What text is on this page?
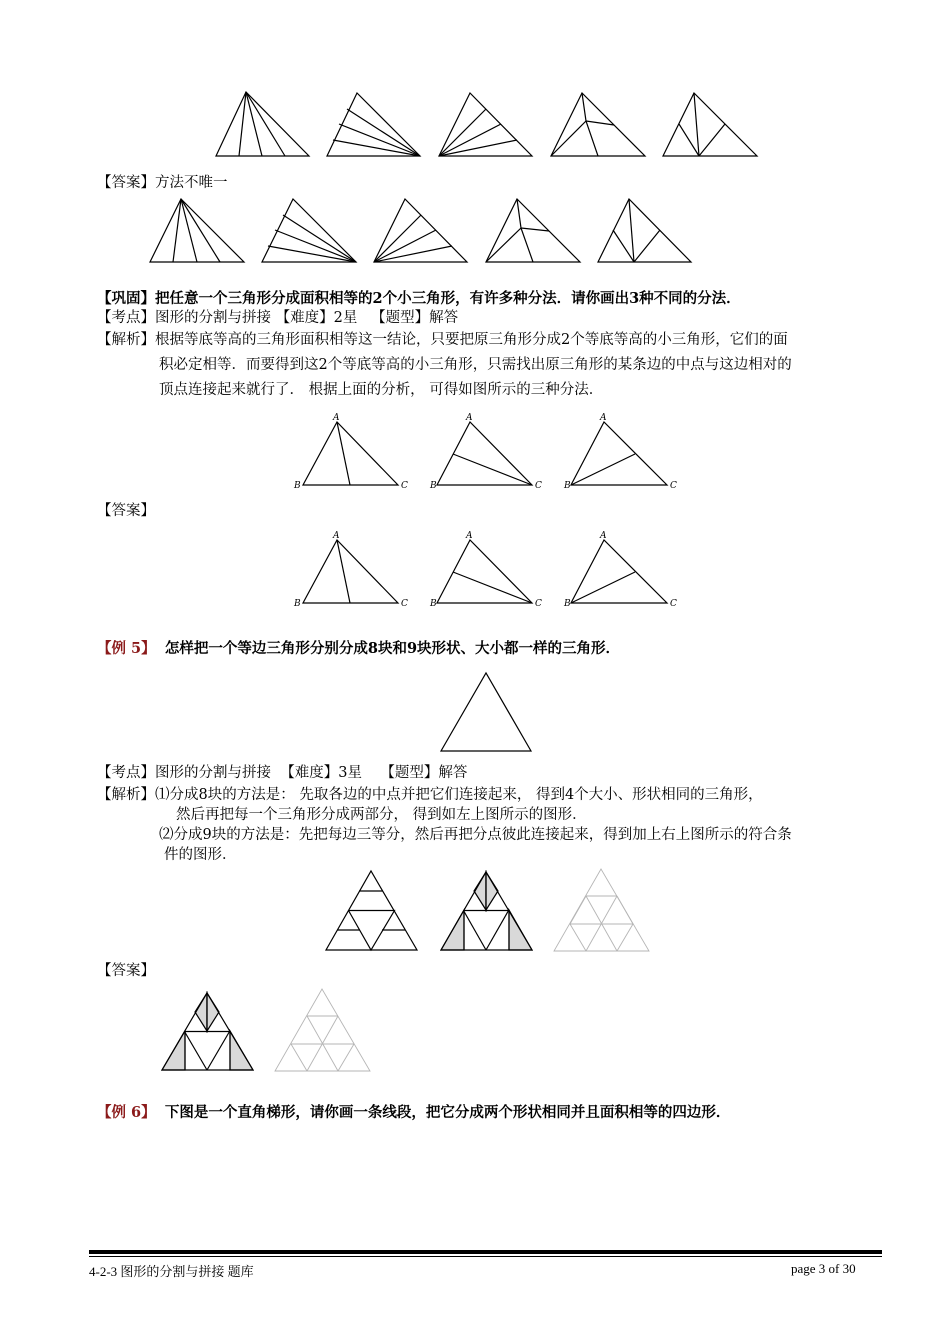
【答案】方法不唯一
【巩固】把任意一个三角形分成面积相等的2个小三角形，有许多种分法．请你画出3种不同的分法．
【考点】图形的分割与拼接 【难度】2星 【题型】解答
【解析】根据等底等高的三角形面积相等这一结论，只要把原三角形分成2个等底等高的小三角形，它们的面
积必定相等．而要得到这2个等底等高的小三角形，只需找出原三角形的某条边的中点与这边相对的
顶点连接起来就行了． 根据上面的分析， 可得如图所示的三种分法．
A
B	C
A
B	C
A
B	C
【答案】
A
B	C
A
B	C
A
B	C
【例 5】 怎样把一个等边三角形分别分成8块和9块形状、大小都一样的三角形．
【考点】图形的分割与拼接 【难度】3星 【题型】解答
【解析】⑴分成8块的方法是： 先取各边的中点并把它们连接起来， 得到4个大小、形状相同的三角形，
然后再把每一个三角形分成两部分， 得到如左上图所示的图形．
⑵分成9块的方法是：先把每边三等分，然后再把分点彼此连接起来，得到加上右上图所示的符合条
件的图形．
【答案】
【例 6】 下图是一个直角梯形，请你画一条线段，把它分成两个形状相同并且面积相等的四边形．
4-2-3 图形的分割与拼接 题库	page 3 of 30
